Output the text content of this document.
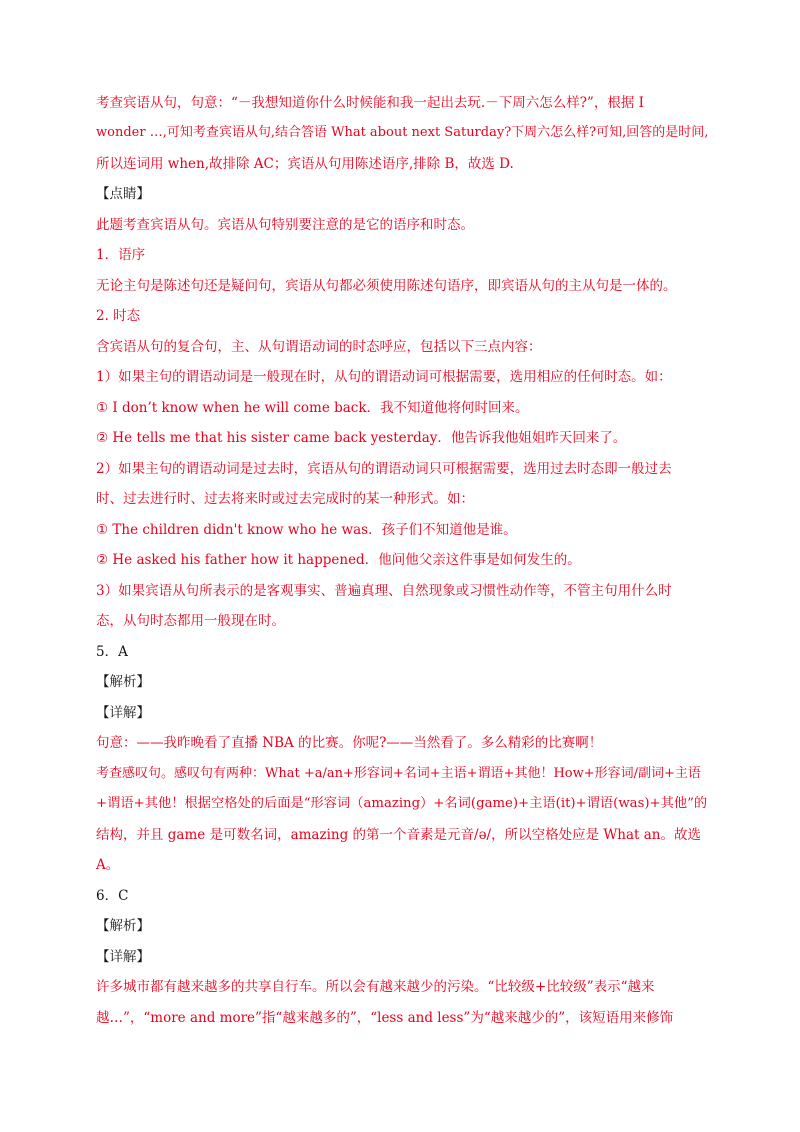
考查宾语从句，句意：“－我想知道你什么时候能和我一起出去玩.－下周六怎么样?”，根据 I
wonder …,可知考查宾语从句,结合答语 What about next Saturday?下周六怎么样?可知,回答的是时间,
所以连词用 when,故排除 AC；宾语从句用陈述语序,排除 B，故选 D.
【点睛】
此题考查宾语从句。宾语从句特别要注意的是它的语序和时态。
1．语序
无论主句是陈述句还是疑问句，宾语从句都必须使用陈述句语序，即宾语从句的主从句是一体的。
2. 时态
含宾语从句的复合句，主、从句谓语动词的时态呼应，包括以下三点内容：
1）如果主句的谓语动词是一般现在时，从句的谓语动词可根据需要，选用相应的任何时态。如：
① I don’t know when he will come back．我不知道他将何时回来。
② He tells me that his sister came back yesterday．他告诉我他姐姐昨天回来了。
2）如果主句的谓语动词是过去时，宾语从句的谓语动词只可根据需要，选用过去时态即一般过去
时、过去进行时、过去将来时或过去完成时的某一种形式。如：
① The children didn't know who he was．孩子们不知道他是谁。
② He asked his father how it happened．他问他父亲这件事是如何发生的。
3）如果宾语从句所表示的是客观事实、普遍真理、自然现象或习惯性动作等，不管主句用什么时
态，从句时态都用一般现在时。
5．A
【解析】
【详解】
句意：——我昨晚看了直播 NBA 的比赛。你呢?——当然看了。多么精彩的比赛啊！
考查感叹句。感叹句有两种：What +a/an+形容词+名词+主语+谓语+其他！How+形容词/副词+主语
+谓语+其他！根据空格处的后面是“形容词（amazing）+名词(game)+主语(it)+谓语(was)+其他”的
结构，并且 game 是可数名词，amazing 的第一个音素是元音/ə/，所以空格处应是 What an。故选
A。
6．C
【解析】
【详解】
许多城市都有越来越多的共享自行车。所以会有越来越少的污染。“比较级+比较级”表示“越来
越…”，“more and more”指“越来越多的”，“less and less”为“越来越少的”，该短语用来修饰
